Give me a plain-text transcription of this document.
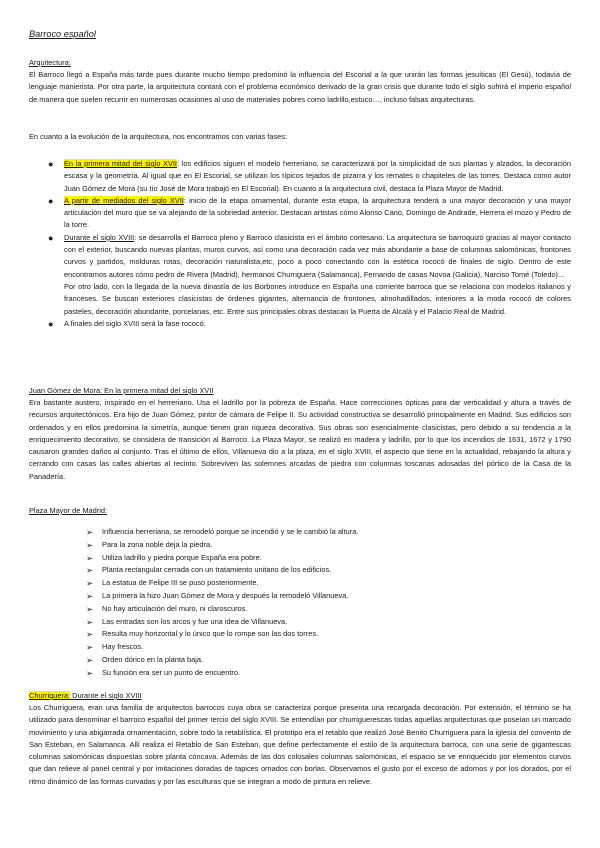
Barroco español

Arquitectura:

El Barroco llegó a España más tarde pues durante mucho tiempo predominó la influencia del Escorial a la que unirán las formas jesuíticas (El Gesú), todavía de lenguaje manierista. Por otra parte, la arquitectura contará con el problema económico derivado de la gran crisis que durante todo el siglo sufrirá el imperio español de manera que suelen recurrir en numerosas ocasiones al uso de materiales pobres como ladrillo,estuco…, incluso falsas arquitecturas.

En cuanto a la evolución de la arquitectura, nos encontramos con varias fases:

● En la primera mitad del siglo XVII: los edificios siguen el modelo herreriano, se caracterizará por la simplicidad de sus plantas y alzados, la decoración escasa y la geometría. Al igual que en El Escorial, se utilizan los típicos tejados de pizarra y los remates o chapiteles de las torres. Destaca como autor Juan Gómez de Mora (su tío José de Mora trabajó en El Escorial). En cuanto a la arquitectura civil, destaca la Plaza Mayor de Madrid.
● A partir de mediados del siglo XVII: inicio de la etapa ornamental, durante esta etapa, la arquitectura tenderá a una mayor decoración y una mayor articulación del muro que se va alejando de la sobriedad anterior. Destacan artistas cómo Alonso Cano, Domingo de Andrade, Herrera el mozo y Pedro de la torre.
● Durante el siglo XVIII: se desarrolla el Barroco pleno y Barroco clasicista en el ámbito cortesano. La arquitectura se barroquizó gracias al mayor contacto con el exterior, buscando nuevas plantas, muros curvos, así como una decoración cada vez más abundante a base de columnas salomónicas, frontones curvos y partidos, molduras rotas, decoración naturalista,etc, poco a poco conectando con la estética rococó de finales de siglo. Dentro de este encontramos autores cómo pedro de Rivera (Madrid), hermanos Churriguera (Salamanca), Fernando de casas Novoa (Galicia), Narciso Tomé (Toledo)...
Por otro lado, con la llegada de la nueva dinastía de los Borbones introduce en España una corriente barroca que se relaciona con modelos italianos y franceses. Se buscan exteriores clasicistas de órdenes gigantes, alternancia de frontones, almohadillados, interiores a la moda rococó de colores pasteles, decoración abundante, porcelanas, etc. Entre sus principales obras destacan la Puerta de Alcalá y el Palacio Real de Madrid.
● A finales del siglo XVIII será la fase rococó.

Juan Gómez de Mora: En la primera mitad del siglo XVII

Era bastante austero, inspirado en el herreriano. Usa el ladrillo por la pobreza de España. Hace correcciones ópticas para dar verticalidad y altura a través de recursos arquitectónicos. Era hijo de Juan Gómez, pintor de cámara de Felipe II. Su actividad constructiva se desarrolló principalmente en Madrid. Sus edificios son ordenados y en ellos predomina la simetría, aunque tienen gran riqueza decorativa. Sus obras son esencialmente clasicistas, pero debido a su tendencia a la enriquecimiento decorativo, se considera de transición al Barroco. La Plaza Mayor, se realizó en madera y ladrillo, por lo que los incendios de 1631, 1672 y 1790 causaron grandes daños al conjunto. Tras el último de ellos, Villanueva dio a la plaza, en el siglo XVIII, el aspecto que tiene en la actualidad, rebajando la altura y cerrando con casas las calles abiertas al recinto. Sobreviven las solemnes arcadas de piedra con columnas toscanas adosadas del pórtico de la Casa de la Panadería.

Plaza Mayor de Madrid:

➢ Influencia herreriana, se remodeló porque se incendió y se le cambió la altura.
➢ Para la zona noble deja la piedra.
➢ Utiliza ladrillo y piedra porque España era pobre.
➢ Planta rectangular cerrada con un tratamiento unitario de los edificios.
➢ La estatua de Felipe III se puso posteriormente.
➢ La primera la hizo Juan Gómez de Mora y después la remodeló Villanueva.
➢ No hay articulación del muro, ni claroscuros.
➢ Las entradas son los arcos y fue una idea de Villanueva.
➢ Resulta muy horizontal y lo único que lo rompe son las dos torres.
➢ Hay frescos.
➢ Orden dórico en la planta baja.
➢ Su función era ser un punto de encuentro.

Churriguera: Durante el siglo XVIII

Los Churriguera, eran una familia de arquitectos barrocos cuya obra se caracteriza porque presenta una recargada decoración. Por extensión, el término se ha utilizado para denominar el barroco español del primer tercio del siglo XVIII. Se entendían por churriguerescas todas aquellas arquitecturas que poseían un marcado movimiento y una abigarrada ornamentación, sobre todo la retablística. El prototipo era el retablo que realizó José Benito Churriguera para la iglesia del convento de San Esteban, en Salamanca. Allí realiza el Retablo de San Esteban, que define perfectamente el estilo de la arquitectura barroca, con una serie de gigantescas columnas salomónicas dispuestas sobre planta cóncava. Además de las dos colosales columnas salomónicas, el espacio se ve enriquecido por elementos curvos que dan relieve al panel central y por imitaciones doradas de tapices ornados con borlas. Observamos el gusto por el exceso de adornos y por los dorados, por el ritmo dinámico de las formas curvadas y por las esculturas que se integran a modo de pintura en relieve.
